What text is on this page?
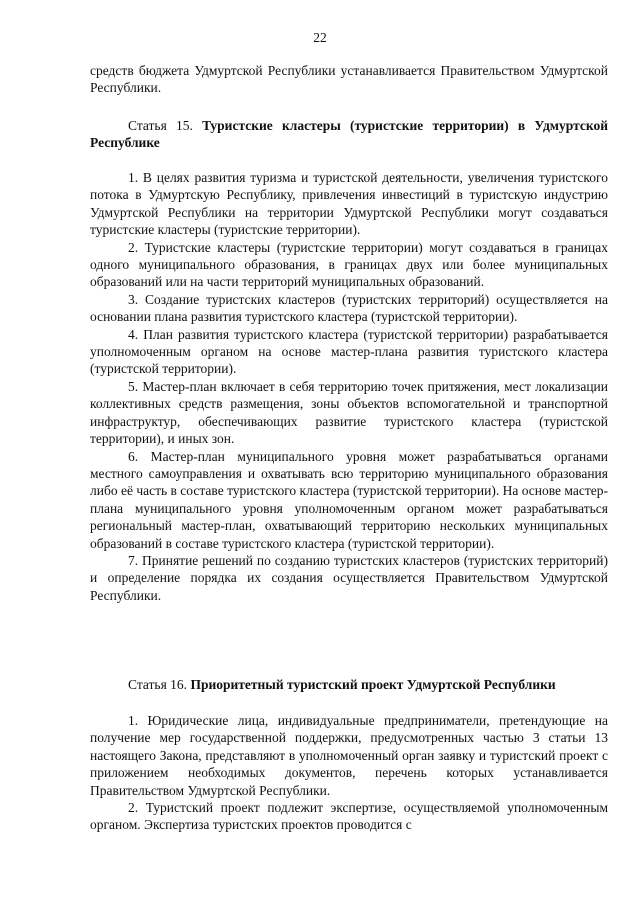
22

средств бюджета Удмуртской Республики устанавливается Правительством Удмуртской Республики.

Статья 15. Туристские кластеры (туристские территории) в Удмуртской Республике

1. В целях развития туризма и туристской деятельности, увеличения туристского потока в Удмуртскую Республику, привлечения инвестиций в туристскую индустрию Удмуртской Республики на территории Удмуртской Республики могут создаваться туристские кластеры (туристские территории).

2. Туристские кластеры (туристские территории) могут создаваться в границах одного муниципального образования, в границах двух или более муниципальных образований или на части территорий муниципальных образований.

3. Создание туристских кластеров (туристских территорий) осуществляется на основании плана развития туристского кластера (туристской территории).

4. План развития туристского кластера (туристской территории) разрабатывается уполномоченным органом на основе мастер-плана развития туристского кластера (туристской территории).

5. Мастер-план включает в себя территорию точек притяжения, мест локализации коллективных средств размещения, зоны объектов вспомогательной и транспортной инфраструктур, обеспечивающих развитие туристского кластера (туристской территории), и иных зон.

6. Мастер-план муниципального уровня может разрабатываться органами местного самоуправления и охватывать всю территорию муниципального образования либо её часть в составе туристского кластера (туристской территории). На основе мастер-плана муниципального уровня уполномоченным органом может разрабатываться региональный мастер-план, охватывающий территорию нескольких муниципальных образований в составе туристского кластера (туристской территории).

7. Принятие решений по созданию туристских кластеров (туристских территорий) и определение порядка их создания осуществляется Правительством Удмуртской Республики.

Статья 16. Приоритетный туристский проект Удмуртской Республики

1. Юридические лица, индивидуальные предприниматели, претендующие на получение мер государственной поддержки, предусмотренных частью 3 статьи 13 настоящего Закона, представляют в уполномоченный орган заявку и туристский проект с приложением необходимых документов, перечень которых устанавливается Правительством Удмуртской Республики.

2. Туристский проект подлежит экспертизе, осуществляемой уполномоченным органом. Экспертиза туристских проектов проводится с
